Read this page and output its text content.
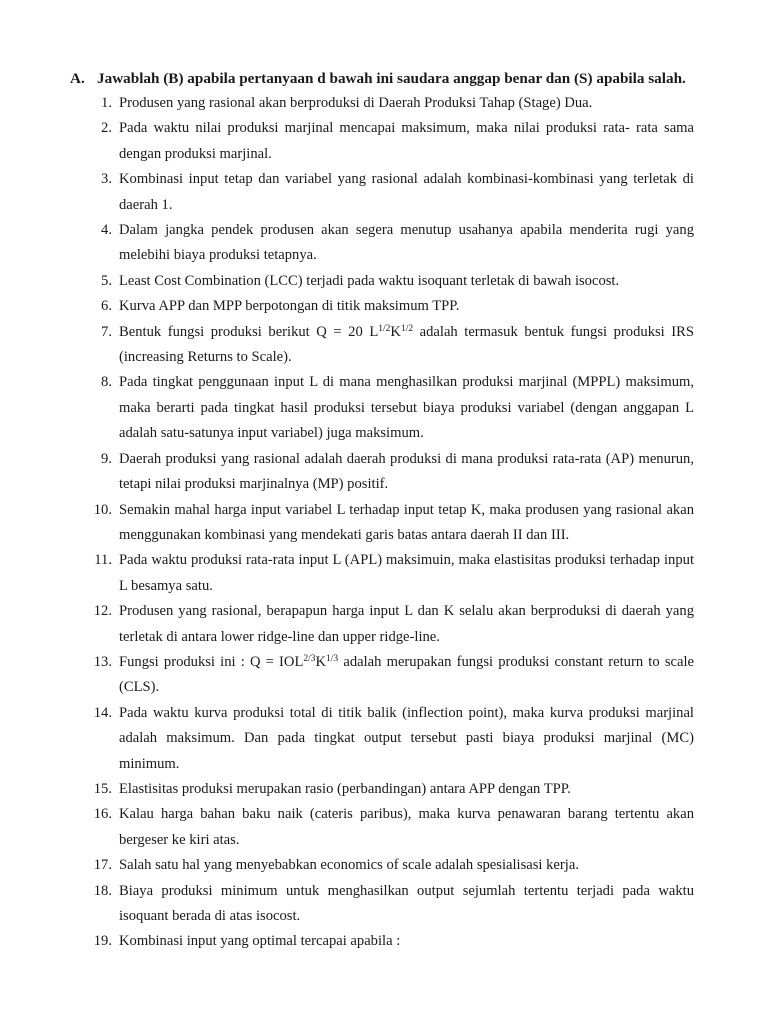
A. Jawablah (B) apabila pertanyaan d bawah ini saudara anggap benar dan (S) apabila salah.
1. Produsen yang rasional akan berproduksi di Daerah Produksi Tahap (Stage) Dua.
2. Pada waktu nilai produksi marjinal mencapai maksimum, maka nilai produksi rata- rata sama dengan produksi marjinal.
3. Kombinasi input tetap dan variabel yang rasional adalah kombinasi-kombinasi yang terletak di daerah 1.
4. Dalam jangka pendek produsen akan segera menutup usahanya apabila menderita rugi yang melebihi biaya produksi tetapnya.
5. Least Cost Combination (LCC) terjadi pada waktu isoquant terletak di bawah isocost.
6. Kurva APP dan MPP berpotongan di titik maksimum TPP.
7. Bentuk fungsi produksi berikut Q = 20 $L^{1/2}K^{1/2}$ adalah termasuk bentuk fungsi produksi IRS (increasing Returns to Scale).
8. Pada tingkat penggunaan input L di mana menghasilkan produksi marjinal (MPPL) maksimum, maka berarti pada tingkat hasil produksi tersebut biaya produksi variabel (dengan anggapan L adalah satu-satunya input variabel) juga maksimum.
9. Daerah produksi yang rasional adalah daerah produksi di mana produksi rata-rata (AP) menurun, tetapi nilai produksi marjinalnya (MP) positif.
10. Semakin mahal harga input variabel L terhadap input tetap K, maka produsen yang rasional akan menggunakan kombinasi yang mendekati garis batas antara daerah II dan III.
11. Pada waktu produksi rata-rata input L (APL) maksimuin, maka elastisitas produksi terhadap input L besamya satu.
12. Produsen yang rasional, berapapun harga input L dan K selalu akan berproduksi di daerah yang terletak di antara lower ridge-line dan upper ridge-line.
13. Fungsi produksi ini : $Q = IOL^{2/3}K^{1/3}$ adalah merupakan fungsi produksi constant return to scale (CLS).
14. Pada waktu kurva produksi total di titik balik (inflection point), maka kurva produksi marjinal adalah maksimum. Dan pada tingkat output tersebut pasti biaya produksi marjinal (MC) minimum.
15. Elastisitas produksi merupakan rasio (perbandingan) antara APP dengan TPP.
16. Kalau harga bahan baku naik (cateris paribus), maka kurva penawaran barang tertentu akan bergeser ke kiri atas.
17. Salah satu hal yang menyebabkan economics of scale adalah spesialisasi kerja.
18. Biaya produksi minimum untuk menghasilkan output sejumlah tertentu terjadi pada waktu isoquant berada di atas isocost.
19. Kombinasi input yang optimal tercapai apabila :
